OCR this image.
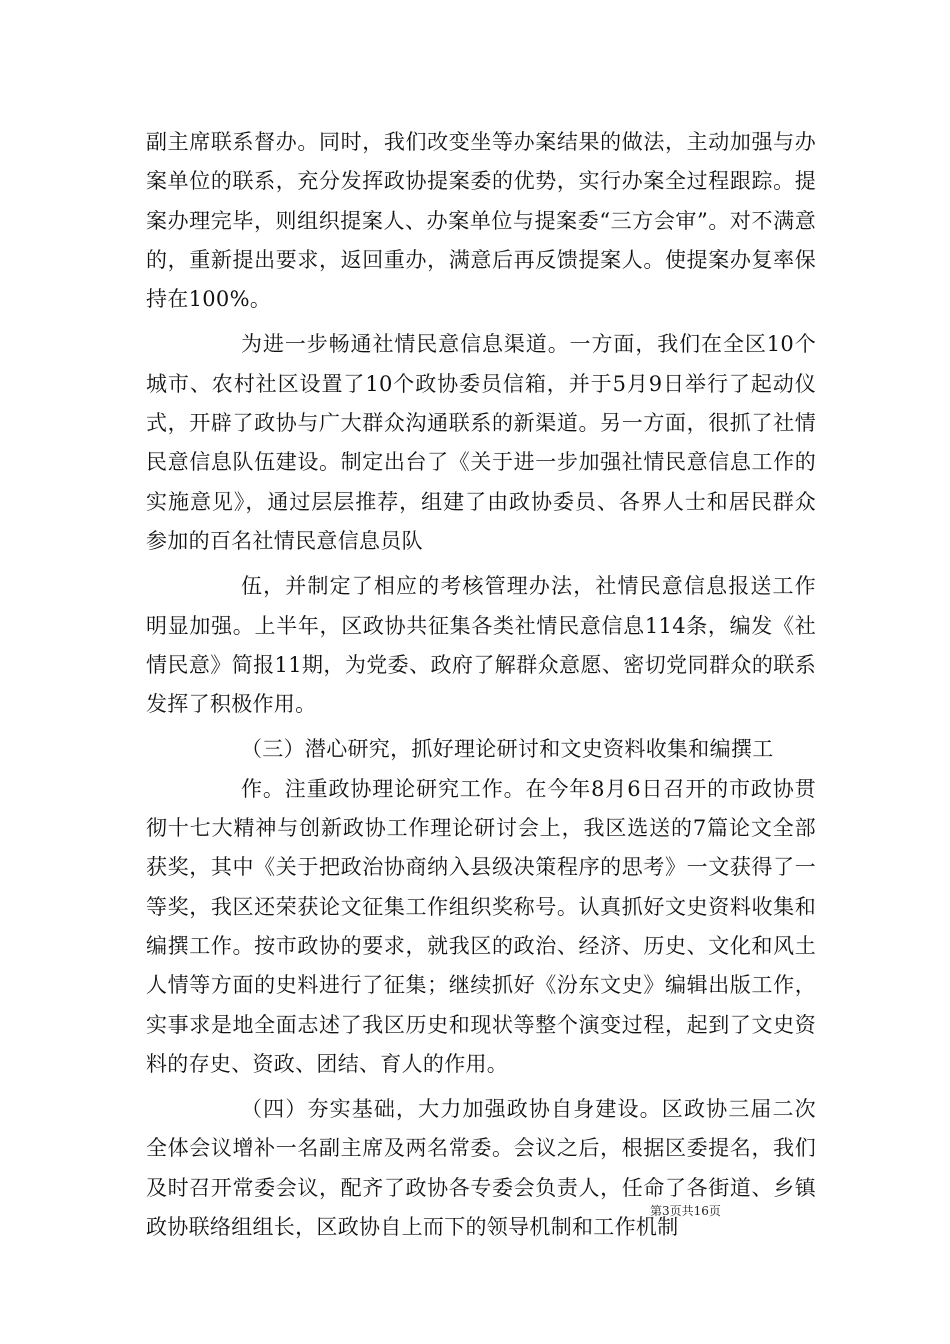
副主席联系督办。同时，我们改变坐等办案结果的做法，主动加强与办案单位的联系，充分发挥政协提案委的优势，实行办案全过程跟踪。提案办理完毕，则组织提案人、办案单位与提案委“三方会审”。对不满意的，重新提出要求，返回重办，满意后再反馈提案人。使提案办复率保持在100%。

为进一步畅通社情民意信息渠道。一方面，我们在全区10个城市、农村社区设置了10个政协委员信箱，并于5月9日举行了起动仪式，开辟了政协与广大群众沟通联系的新渠道。另一方面，很抓了社情民意信息队伍建设。制定出台了《关于进一步加强社情民意信息工作的实施意见》，通过层层推荐，组建了由政协委员、各界人士和居民群众参加的百名社情民意信息员队

伍，并制定了相应的考核管理办法，社情民意信息报送工作明显加强。上半年，区政协共征集各类社情民意信息114条，编发《社情民意》简报11期，为党委、政府了解群众意愿、密切党同群众的联系发挥了积极作用。

（三）潜心研究，抓好理论研讨和文史资料收集和编撰工

作。注重政协理论研究工作。在今年8月6日召开的市政协贯彻十七大精神与创新政协工作理论研讨会上，我区选送的7篇论文全部获奖，其中《关于把政治协商纳入县级决策程序的思考》一文获得了一等奖，我区还荣获论文征集工作组织奖称号。认真抓好文史资料收集和编撰工作。按市政协的要求，就我区的政治、经济、历史、文化和风土人情等方面的史料进行了征集；继续抓好《汾东文史》编辑出版工作，实事求是地全面志述了我区历史和现状等整个演变过程，起到了文史资料的存史、资政、团结、育人的作用。

（四）夯实基础，大力加强政协自身建设。区政协三届二次全体会议增补一名副主席及两名常委。会议之后，根据区委提名，我们及时召开常委会议，配齐了政协各专委会负责人，任命了各街道、乡镇政协联络组组长，区政协自上而下的领导机制和工作机制

第3页共16页
